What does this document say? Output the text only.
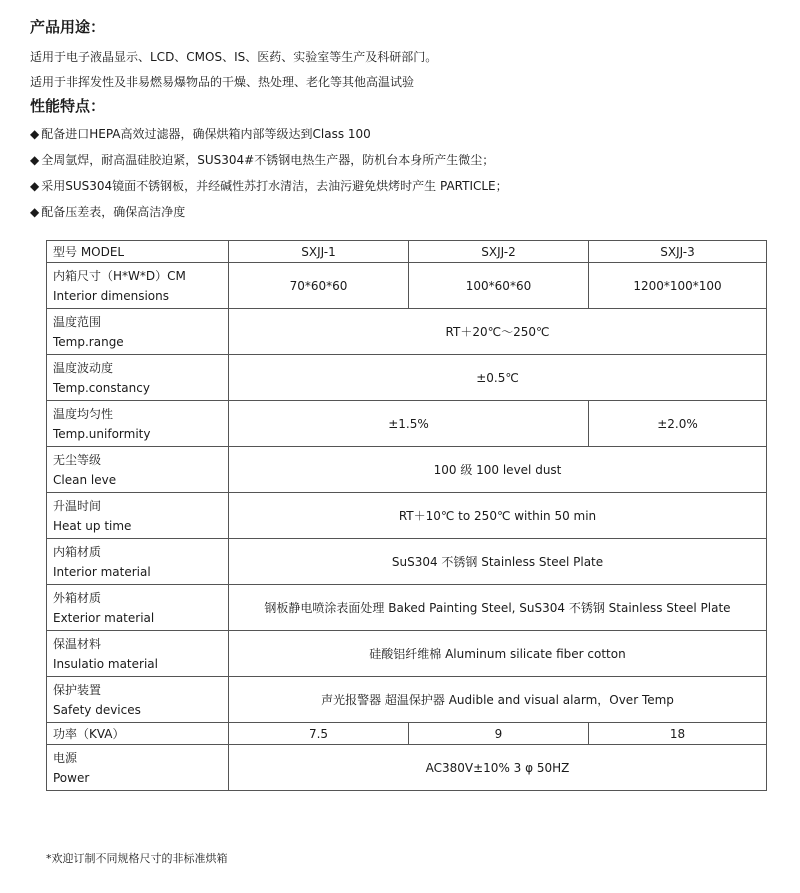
产品用途：

适用于电子液晶显示、LCD、CMOS、IS、医药、实验室等生产及科研部门。

适用于非挥发性及非易燃易爆物品的干燥、热处理、老化等其他高温试验

性能特点：
◆ 配备进口HEPA高效过滤器，确保烘箱内部等级达到Class 100
◆ 全周氩焊，耐高温硅胶迫紧，SUS304#不锈钢电热生产器，防机台本身所产生微尘；
◆ 采用SUS304镜面不锈钢板，并经碱性苏打水清洁，去油污避免烘烤时产生 PARTICLE；
◆ 配备压差表，确保高洁净度
型号 MODEL	SXJJ-1	SXJJ-2	SXJJ-3

内箱尺寸（H*W*D）CM
Interior dimensions	70*60*60	100*60*60	1200*100*100

温度范围
Temp.range	RT＋20℃～250℃		

温度波动度
Temp.constancy	±0.5℃		

温度均匀性
Temp.uniformity	±1.5%		±2.0%

无尘等级
Clean leve	100 级 100 level dust		

升温时间
Heat up time	RT＋10℃ to 250℃ within 50 min		

内箱材质
Interior material	SuS304 不锈钢 Stainless Steel Plate		

外箱材质
Exterior material	钢板静电喷涂表面处理 Baked Painting Steel, SuS304 不锈钢 Stainless Steel Plate		

保温材料
Insulatio material	硅酸铝纤维棉 Aluminum silicate fiber cotton		

保护装置
Safety devices	声光报警器 超温保护器 Audible and visual alarm，Over Temp		
功率（KVA）	7.5	9	18

电源
Power	AC380V±10% 3 φ 50HZ		
*欢迎订制不同规格尺寸的非标准烘箱
